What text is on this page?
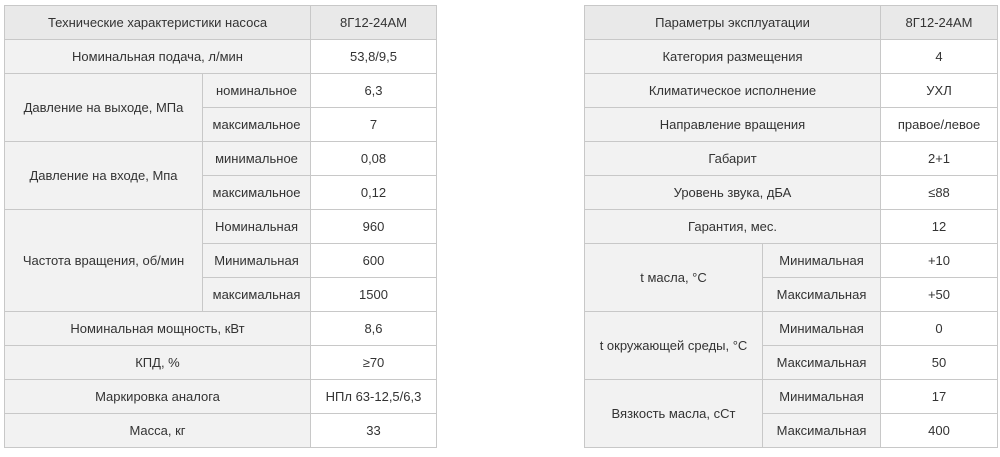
Технические характеристики насоса		8Г12-24АМ
Номинальная подача, л/мин		53,8/9,5
Давление на выходе, МПа	номинальное	6,3
	максимальное	7
Давление на входе, Мпа	минимальное	0,08
	максимальное	0,12
Частота вращения, об/мин	Номинальная	960
	Минимальная	600
	максимальная	1500
Номинальная мощность, кВт		8,6
КПД, %		≥70
Маркировка аналога		НПл 63-12,5/6,3
Масса, кг		33
Параметры эксплуатации		8Г12-24АМ
Категория размещения		4
Климатическое исполнение		УХЛ
Направление вращения		правое/левое
Габарит		2+1
Уровень звука, дБА		≤88
Гарантия, мес.		12
t масла, °С	Минимальная	+10
	Максимальная	+50
t окружающей среды, °С	Минимальная	0
	Максимальная	50
Вязкость масла, сСт	Минимальная	17
	Максимальная	400
